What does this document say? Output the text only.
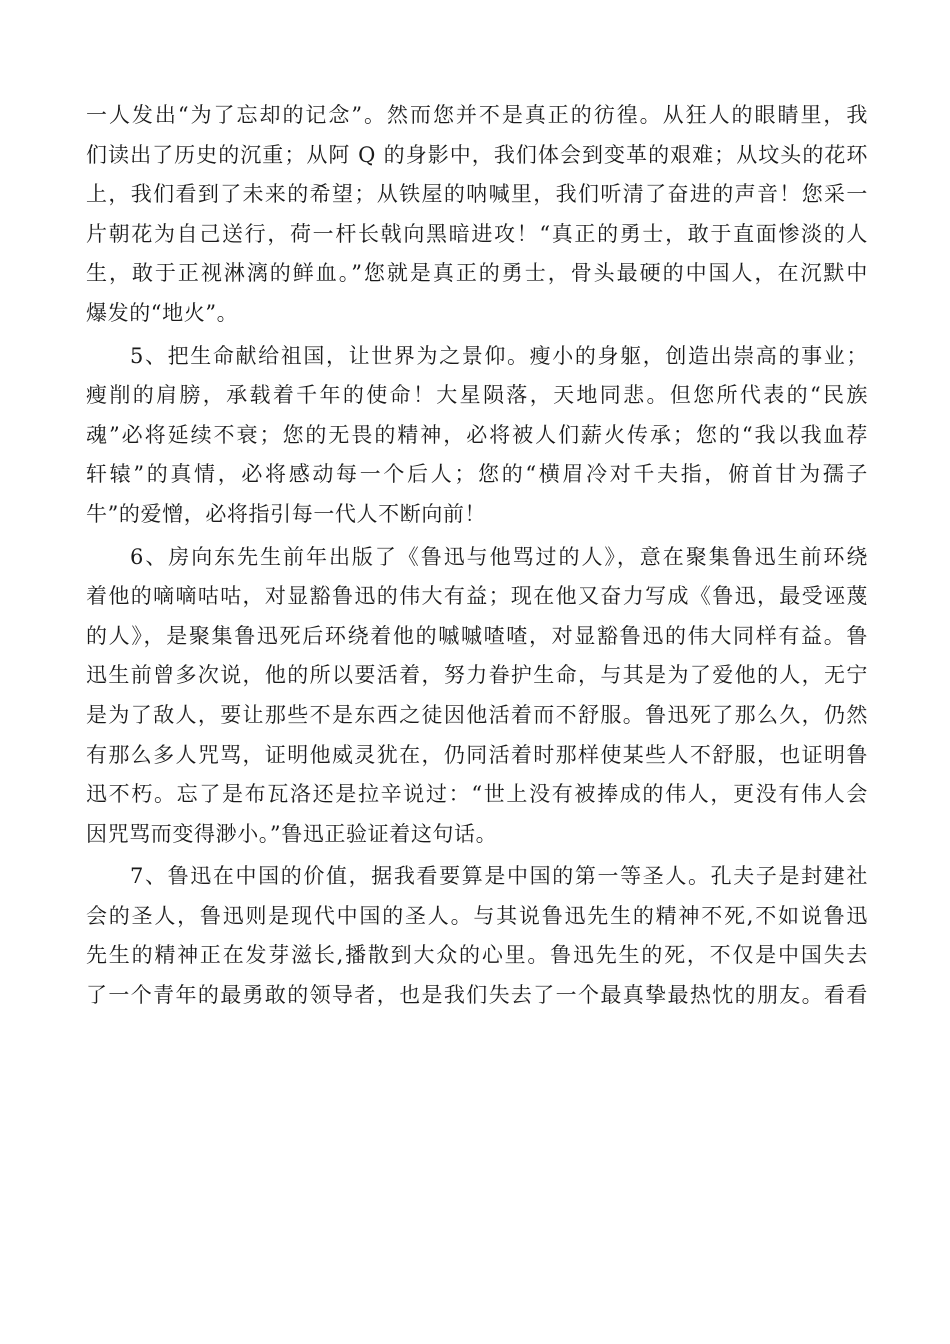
一人发出“为了忘却的记念”。然而您并不是真正的彷徨。从狂人的眼睛里，我
们读出了历史的沉重；从阿 Q 的身影中，我们体会到变革的艰难；从坟头的花环
上，我们看到了未来的希望；从铁屋的呐喊里，我们听清了奋进的声音！您采一
片朝花为自己送行，荷一杆长戟向黑暗进攻！“真正的勇士，敢于直面惨淡的人
生，敢于正视淋漓的鲜血。”您就是真正的勇士，骨头最硬的中国人，在沉默中
爆发的“地火”。

5、把生命献给祖国，让世界为之景仰。瘦小的身躯，创造出崇高的事业；
瘦削的肩膀，承载着千年的使命！大星陨落，天地同悲。但您所代表的“民族
魂”必将延续不衰；您的无畏的精神，必将被人们薪火传承；您的“我以我血荐
轩辕”的真情，必将感动每一个后人；您的“横眉冷对千夫指，俯首甘为孺子
牛”的爱憎，必将指引每一代人不断向前！

6、房向东先生前年出版了《鲁迅与他骂过的人》，意在聚集鲁迅生前环绕
着他的嘀嘀咕咕，对显豁鲁迅的伟大有益；现在他又奋力写成《鲁迅，最受诬蔑
的人》，是聚集鲁迅死后环绕着他的嘁嘁喳喳，对显豁鲁迅的伟大同样有益。鲁
迅生前曾多次说，他的所以要活着，努力眷护生命，与其是为了爱他的人，无宁
是为了敌人，要让那些不是东西之徒因他活着而不舒服。鲁迅死了那么久，仍然
有那么多人咒骂，证明他威灵犹在，仍同活着时那样使某些人不舒服，也证明鲁
迅不朽。忘了是布瓦洛还是拉辛说过：“世上没有被捧成的伟人，更没有伟人会
因咒骂而变得渺小。”鲁迅正验证着这句话。

7、鲁迅在中国的价值，据我看要算是中国的第一等圣人。孔夫子是封建社
会的圣人，鲁迅则是现代中国的圣人。与其说鲁迅先生的精神不死,不如说鲁迅
先生的精神正在发芽滋长,播散到大众的心里。鲁迅先生的死，不仅是中国失去
了一个青年的最勇敢的领导者，也是我们失去了一个最真挚最热忱的朋友。看看
